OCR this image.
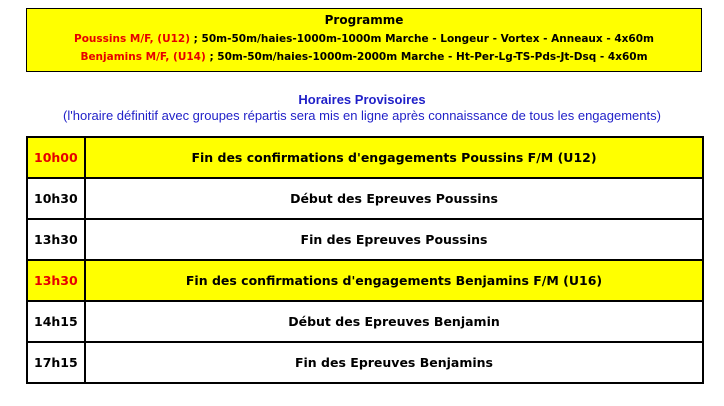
Programme
Poussins M/F, (U12) ; 50m-50m/haies-1000m-1000m Marche - Longeur - Vortex - Anneaux - 4x60m
Benjamins M/F, (U14) ; 50m-50m/haies-1000m-2000m Marche - Ht-Per-Lg-TS-Pds-Jt-Dsq - 4x60m
Horaires Provisoires
(l'horaire définitif avec groupes répartis sera mis en ligne après connaissance de tous les engagements)
10h00	Fin des confirmations d'engagements Poussins F/M (U12)
10h30	Début des Epreuves Poussins
13h30	Fin des Epreuves Poussins
13h30	Fin des confirmations d'engagements Benjamins F/M (U16)
14h15	Début des Epreuves Benjamin
17h15	Fin des Epreuves Benjamins
